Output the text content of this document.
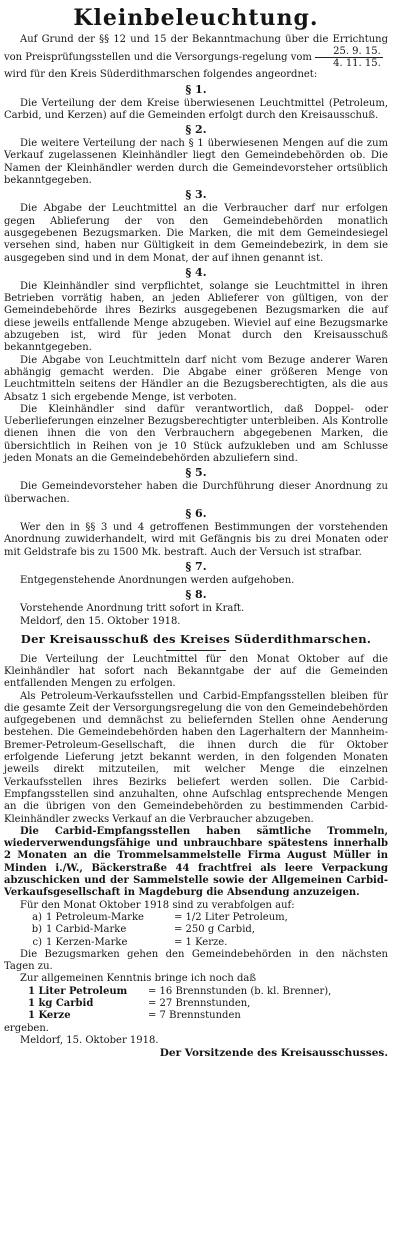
Kleinbeleuchtung.

Auf Grund der §§ 12 und 15 der Bekanntmachung über die Errichtung von Preisprüfungsstellen und die Versorgungs-regelung vom $\frac{25. 9. 15.}{4. 11. 15.}$

wird für den Kreis Süderdithmarschen folgendes angeordnet:

§ 1.

Die Verteilung der dem Kreise überwiesenen Leuchtmittel (Petroleum, Carbid, und Kerzen) auf die Gemeinden erfolgt durch den Kreisausschuß.

§ 2.

Die weitere Verteilung der nach § 1 überwiesenen Mengen auf die zum Verkauf zugelassenen Kleinhändler liegt den Gemeindebehörden ob. Die Namen der Kleinhändler werden durch die Gemeindevorsteher ortsüblich bekanntgegeben.

§ 3.

Die Abgabe der Leuchtmittel an die Verbraucher darf nur erfolgen gegen Ablieferung der von den Gemeindebehörden monatlich ausgegebenen Bezugsmarken. Die Marken, die mit dem Gemeindesiegel versehen sind, haben nur Gültigkeit in dem Gemeindebezirk, in dem sie ausgegeben sind und in dem Monat, der auf ihnen genannt ist.

§ 4.

Die Kleinhändler sind verpflichtet, solange sie Leuchtmittel in ihren Betrieben vorrätig haben, an jeden Ablieferer von gültigen, von der Gemeindebehörde ihres Bezirks ausgegebenen Bezugsmarken die auf diese jeweils entfallende Menge abzugeben. Wieviel auf eine Bezugsmarke abzugeben ist, wird für jeden Monat durch den Kreisausschuß bekanntgegeben.

Die Abgabe von Leuchtmitteln darf nicht vom Bezuge anderer Waren abhängig gemacht werden. Die Abgabe einer größeren Menge von Leuchtmitteln seitens der Händler an die Bezugsberechtigten, als die aus Absatz 1 sich ergebende Menge, ist verboten.

Die Kleinhändler sind dafür verantwortlich, daß Doppel- oder Ueberlieferungen einzelner Bezugsberechtigter unterbleiben. Als Kontrolle dienen ihnen die von den Verbrauchern abgegebenen Marken, die übersichtlich in Reihen von je 10 Stück aufzukleben und am Schlusse jeden Monats an die Gemeindebehörden abzuliefern sind.

§ 5.

Die Gemeindevorsteher haben die Durchführung dieser Anordnung zu überwachen.

§ 6.

Wer den in §§ 3 und 4 getroffenen Bestimmungen der vorstehenden Anordnung zuwiderhandelt, wird mit Gefängnis bis zu drei Monaten oder mit Geldstrafe bis zu 1500 Mk. bestraft. Auch der Versuch ist strafbar.

§ 7.

Entgegenstehende Anordnungen werden aufgehoben.

§ 8.

Vorstehende Anordnung tritt sofort in Kraft.

Meldorf, den 15. Oktober 1918.

Der Kreisausschuß des Kreises Süderdithmarschen.

Die Verteilung der Leuchtmittel für den Monat Oktober auf die Kleinhändler hat sofort nach Bekanntgabe der auf die Gemeinden entfallenden Mengen zu erfolgen.

Als Petroleum-Verkaufsstellen und Carbid-Empfangsstellen bleiben für die gesamte Zeit der Versorgungsregelung die von den Gemeindebehörden aufgegebenen und demnächst zu beliefernden Stellen ohne Aenderung bestehen. Die Gemeindebehörden haben den Lagerhaltern der Mannheim-Bremer-Petroleum-Gesellschaft, die ihnen durch die für Oktober erfolgende Lieferung jetzt bekannt werden, in den folgenden Monaten jeweils direkt mitzuteilen, mit welcher Menge die einzelnen Verkaufsstellen ihres Bezirks beliefert werden sollen. Die Carbid-Empfangsstellen sind anzuhalten, ohne Aufschlag entsprechende Mengen an die übrigen von den Gemeindebehörden zu bestimmenden Carbid-Kleinhändler zwecks Verkauf an die Verbraucher abzugeben.

Die Carbid-Empfangsstellen haben sämtliche Trommeln, wiederverwendungsfähige und unbrauchbare spätestens innerhalb 2 Monaten an die Trommelsammelstelle Firma August Müller in Minden i./W., Bäckerstraße 44 frachtfrei als leere Verpackung abzuschicken und der Sammelstelle sowie der Allgemeinen Carbid-Verkaufsgesellschaft in Magdeburg die Absendung anzuzeigen.

Für den Monat Oktober 1918 sind zu verabfolgen auf:

a)	1 Petroleum-Marke	= 1/2 Liter Petroleum,
b)	1 Carbid-Marke	= 250 g Carbid,
c)	1 Kerzen-Marke	= 1 Kerze.

Die Bezugsmarken gehen den Gemeindebehörden in den nächsten Tagen zu.

Zur allgemeinen Kenntnis bringe ich noch daß

	1 Liter Petroleum	= 16 Brennstunden (b. kl. Brenner),
	1 kg Carbid	= 27 Brennstunden,
	1 Kerze	= 7 Brennstunden

ergeben.

Meldorf, 15. Oktober 1918.

Der Vorsitzende des Kreisausschusses.
